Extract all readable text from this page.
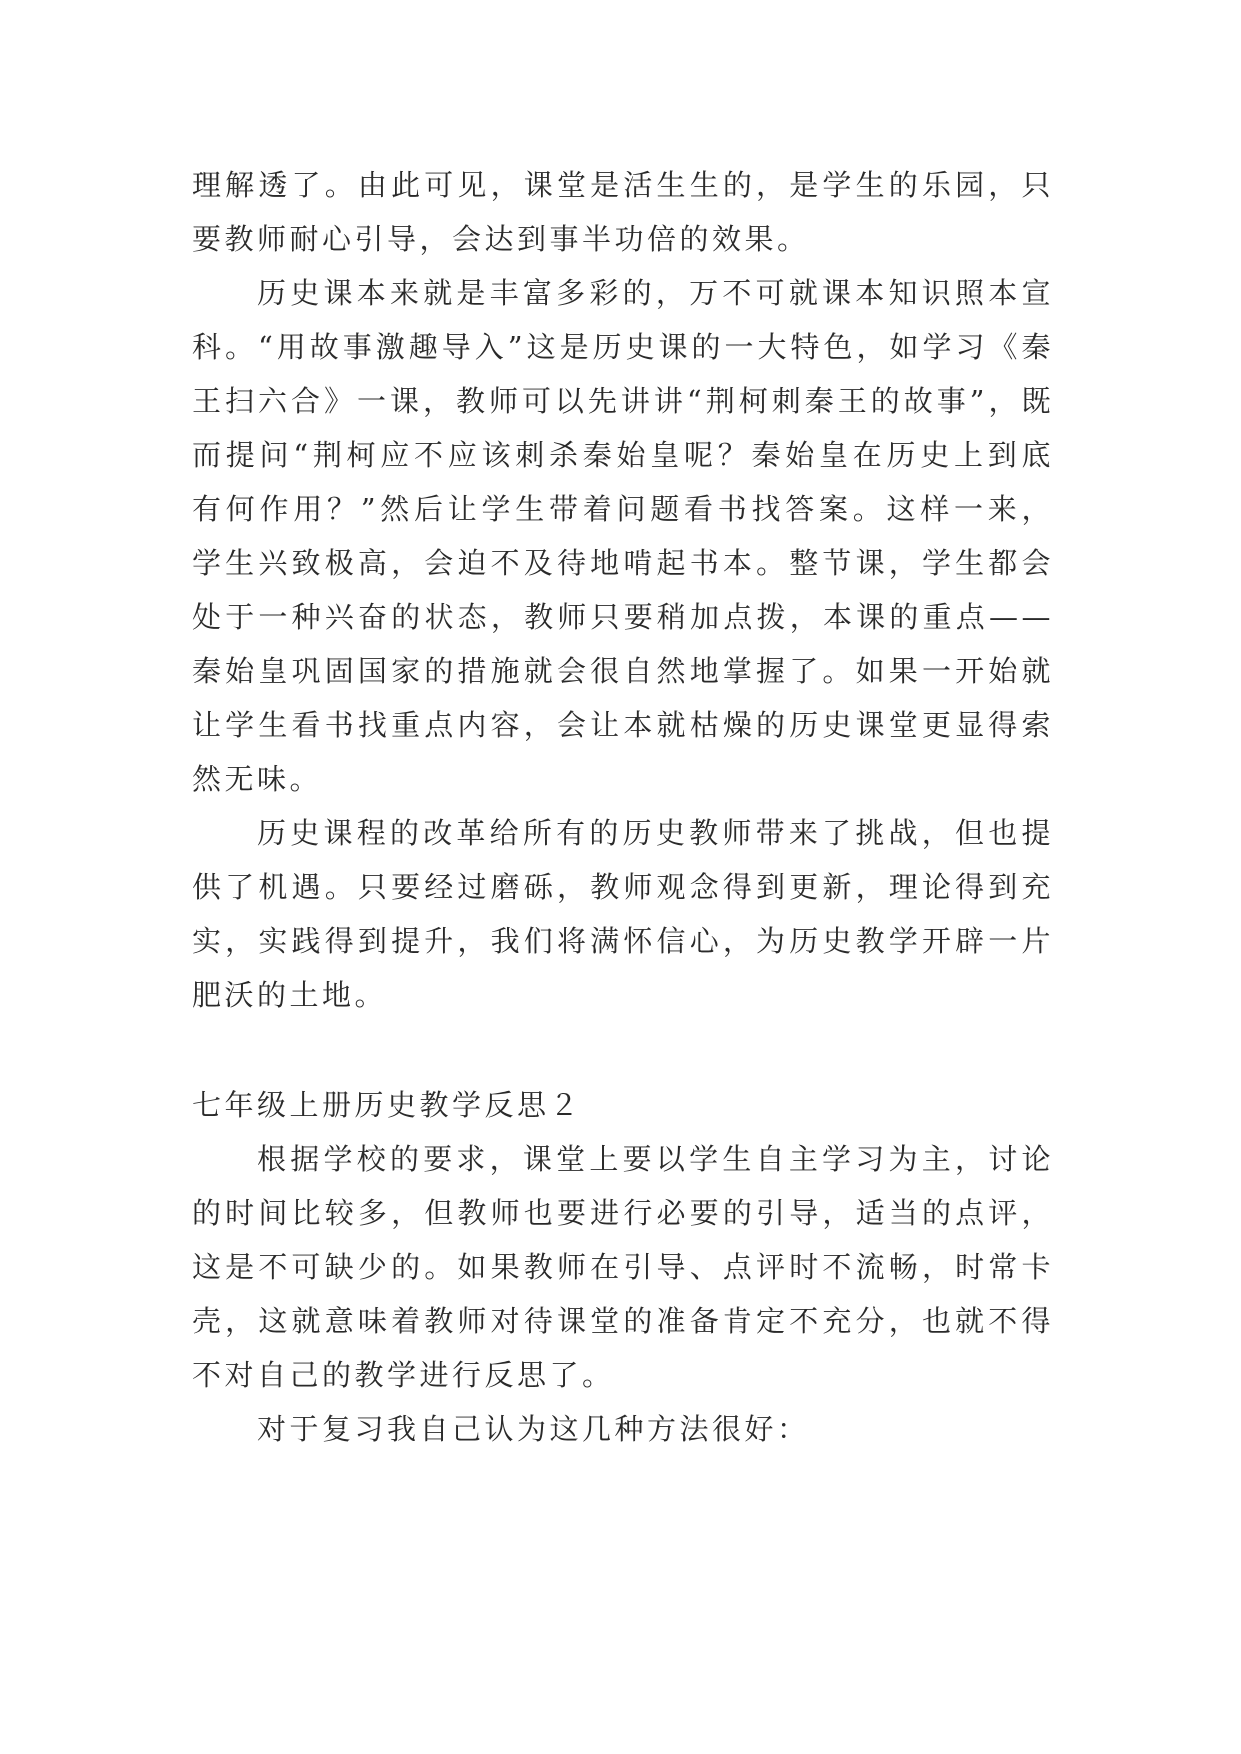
理解透了。由此可见，课堂是活生生的，是学生的乐园，只要教师耐心引导，会达到事半功倍的效果。

历史课本来就是丰富多彩的，万不可就课本知识照本宣科。“用故事激趣导入”这是历史课的一大特色，如学习《秦王扫六合》一课，教师可以先讲讲“荆柯刺秦王的故事”，既而提问“荆柯应不应该刺杀秦始皇呢？秦始皇在历史上到底有何作用？”然后让学生带着问题看书找答案。这样一来，学生兴致极高，会迫不及待地啃起书本。整节课，学生都会处于一种兴奋的状态，教师只要稍加点拨，本课的重点——秦始皇巩固国家的措施就会很自然地掌握了。如果一开始就让学生看书找重点内容，会让本就枯燥的历史课堂更显得索然无味。

历史课程的改革给所有的历史教师带来了挑战，但也提供了机遇。只要经过磨砾，教师观念得到更新，理论得到充实，实践得到提升，我们将满怀信心，为历史教学开辟一片肥沃的土地。

七年级上册历史教学反思２

根据学校的要求，课堂上要以学生自主学习为主，讨论的时间比较多，但教师也要进行必要的引导，适当的点评，这是不可缺少的。如果教师在引导、点评时不流畅，时常卡壳，这就意味着教师对待课堂的准备肯定不充分，也就不得不对自己的教学进行反思了。

对于复习我自己认为这几种方法很好：
